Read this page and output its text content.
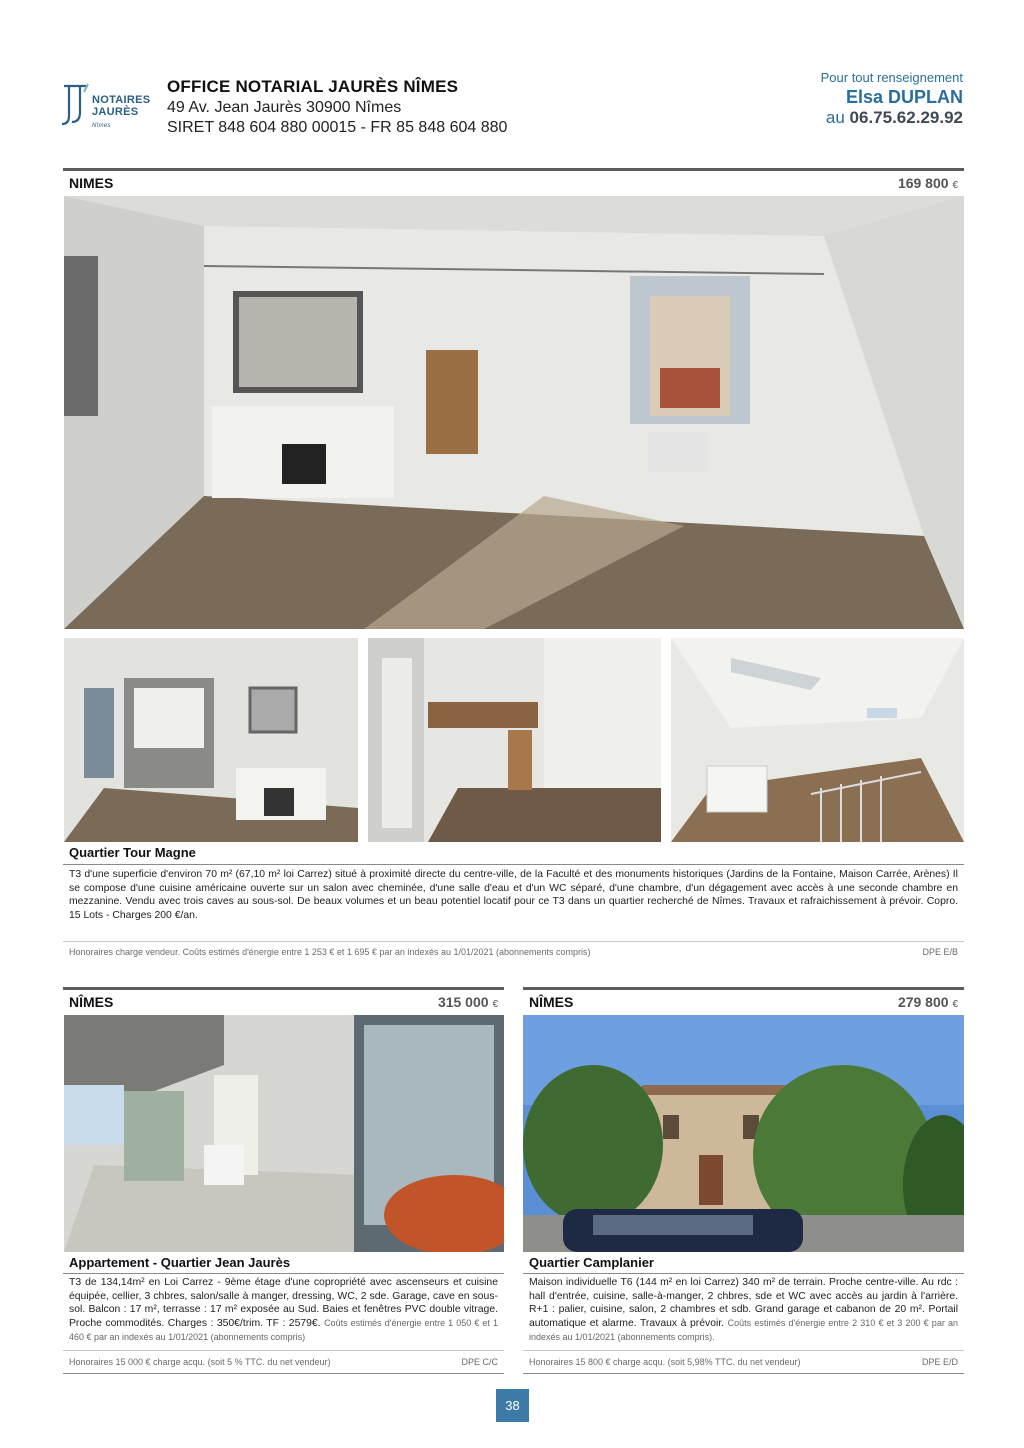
NOTAIRES JAURÈS Nîmes
OFFICE NOTARIAL JAURÈS NÎMES
49 Av. Jean Jaurès 30900 Nîmes
SIRET 848 604 880 00015 - FR 85 848 604 880
Pour tout renseignement
Elsa DUPLAN
au 06.75.62.29.92
NIMES	169 800 €
Quartier Tour Magne
T3 d'une superficie d'environ 70 m² (67,10 m² loi Carrez) situé à proximité directe du centre-ville, de la Faculté et des monuments historiques (Jardins de la Fontaine, Maison Carrée, Arènes) Il se compose d'une cuisine américaine ouverte sur un salon avec cheminée, d'une salle d'eau et d'un WC séparé, d'une chambre, d'un dégagement avec accès à une seconde chambre en mezzanine. Vendu avec trois caves au sous-sol. De beaux volumes et un beau potentiel locatif pour ce T3 dans un quartier recherché de Nîmes. Travaux et rafraichissement à prévoir. Copro. 15 Lots - Charges 200 €/an.
Honoraires charge vendeur. Coûts estimés d'énergie entre 1 253 € et 1 695 € par an indexés au 1/01/2021 (abonnements compris)	DPE E/B
NÎMES	315 000 €
Appartement - Quartier Jean Jaurès
T3 de 134,14m² en Loi Carrez - 9ème étage d'une copropriété avec ascenseurs et cuisine équipée, cellier, 3 chbres, salon/salle à manger, dressing, WC, 2 sde. Garage, cave en sous-sol. Balcon : 17 m², terrasse : 17 m² exposée au Sud. Baies et fenêtres PVC double vitrage. Proche commodités. Charges : 350€/trim. TF : 2579€. Coûts estimés d'énergie entre 1 050 € et 1 460 € par an indexés au 1/01/2021 (abonnements compris)
Honoraires 15 000 € charge acqu. (soit 5 % TTC. du net vendeur)	DPE C/C
NÎMES	279 800 €
Quartier Camplanier
Maison individuelle T6 (144 m² en loi Carrez) 340 m² de terrain. Proche centre-ville. Au rdc : hall d'entrée, cuisine, salle-à-manger, 2 chbres, sde et WC avec accès au jardin à l'arrière. R+1 : palier, cuisine, salon, 2 chambres et sdb. Grand garage et cabanon de 20 m². Portail automatique et alarme. Travaux à prévoir. Coûts estimés d'énergie entre 2 310 € et 3 200 € par an indexés au 1/01/2021 (abonnements compris).
Honoraires 15 800 € charge acqu. (soit 5,98% TTC. du net vendeur)	DPE E/D
38
